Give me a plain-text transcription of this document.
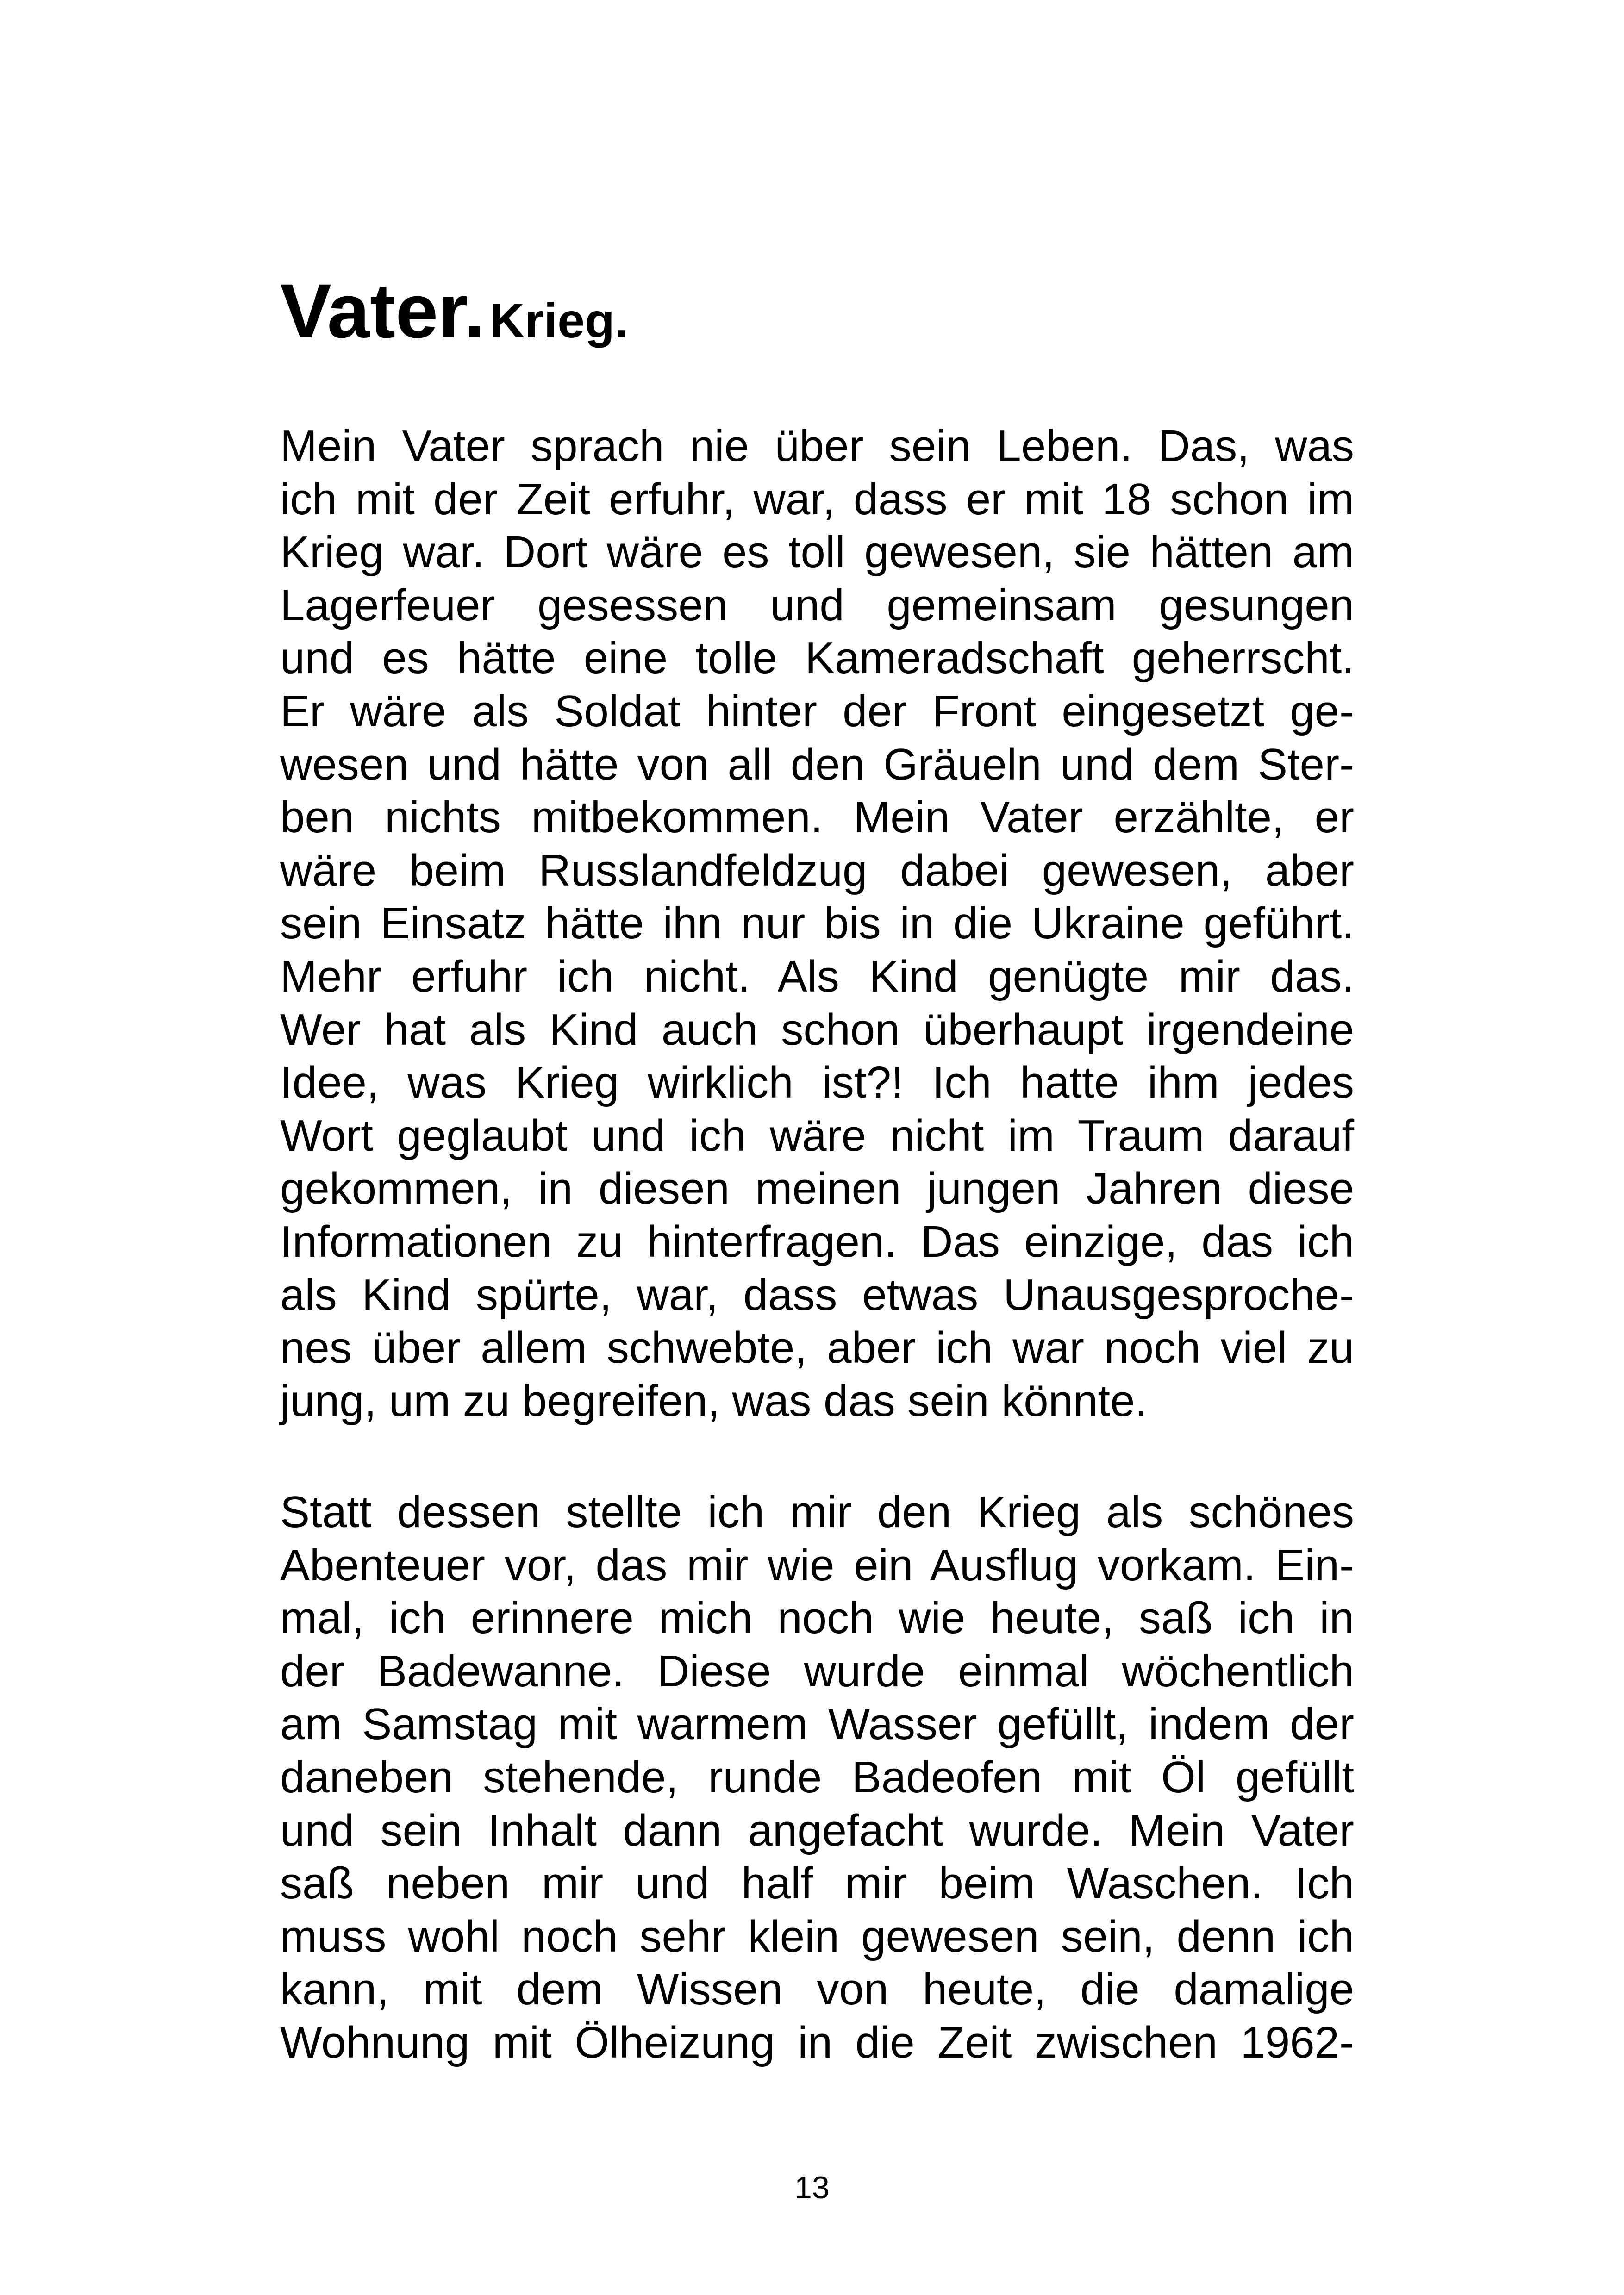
Vater. Krieg.
Mein Vater sprach nie über sein Leben. Das, was
ich mit der Zeit erfuhr, war, dass er mit 18 schon im
Krieg war. Dort wäre es toll gewesen, sie hätten am
Lagerfeuer gesessen und gemeinsam gesungen
und es hätte eine tolle Kameradschaft geherrscht.
Er wäre als Soldat hinter der Front eingesetzt ge-
wesen und hätte von all den Gräueln und dem Ster-
ben nichts mitbekommen. Mein Vater erzählte, er
wäre beim Russlandfeldzug dabei gewesen, aber
sein Einsatz hätte ihn nur bis in die Ukraine geführt.
Mehr erfuhr ich nicht. Als Kind genügte mir das.
Wer hat als Kind auch schon überhaupt irgendeine
Idee, was Krieg wirklich ist?! Ich hatte ihm jedes
Wort geglaubt und ich wäre nicht im Traum darauf
gekommen, in diesen meinen jungen Jahren diese
Informationen zu hinterfragen. Das einzige, das ich
als Kind spürte, war, dass etwas Unausgesproche-
nes über allem schwebte, aber ich war noch viel zu
jung, um zu begreifen, was das sein könnte.
Statt dessen stellte ich mir den Krieg als schönes
Abenteuer vor, das mir wie ein Ausflug vorkam. Ein-
mal, ich erinnere mich noch wie heute, saß ich in
der Badewanne. Diese wurde einmal wöchentlich
am Samstag mit warmem Wasser gefüllt, indem der
daneben stehende, runde Badeofen mit Öl gefüllt
und sein Inhalt dann angefacht wurde. Mein Vater
saß neben mir und half mir beim Waschen. Ich
muss wohl noch sehr klein gewesen sein, denn ich
kann, mit dem Wissen von heute, die damalige
Wohnung mit Ölheizung in die Zeit zwischen 1962-
13
